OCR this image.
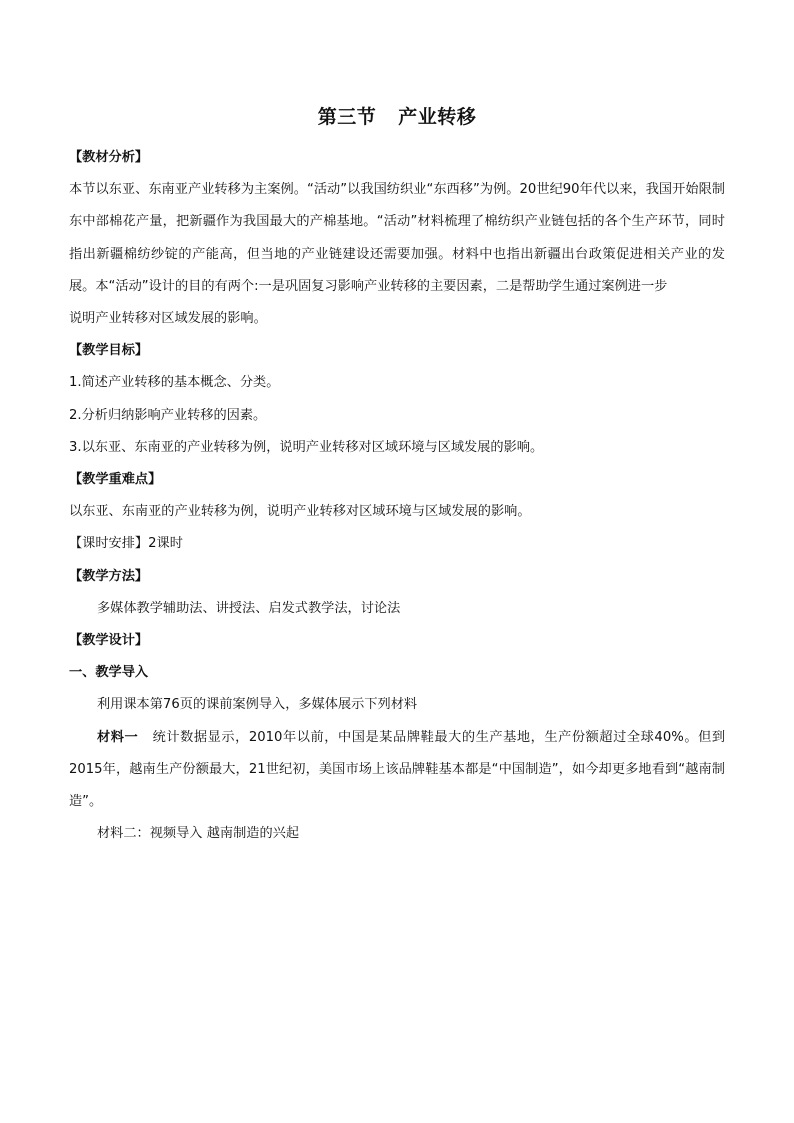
第三节 产业转移

【教材分析】

本节以东亚、东南亚产业转移为主案例。“活动”以我国纺织业“东西移”为例。20世纪90年代以来，我国开始限制东中部棉花产量，把新疆作为我国最大的产棉基地。“活动”材料梳理了棉纺织产业链包括的各个生产环节，同时指出新疆棉纺纱锭的产能高，但当地的产业链建设还需要加强。材料中也指出新疆出台政策促进相关产业的发展。本“活动”设计的目的有两个:一是巩固复习影响产业转移的主要因素，二是帮助学生通过案例进一步

说明产业转移对区域发展的影响。

【教学目标】

1.简述产业转移的基本概念、分类。

2.分析归纳影响产业转移的因素。

3.以东亚、东南亚的产业转移为例，说明产业转移对区域环境与区域发展的影响。

【教学重难点】

以东亚、东南亚的产业转移为例，说明产业转移对区域环境与区域发展的影响。

【课时安排】2课时

【教学方法】

多媒体教学辅助法、讲授法、启发式教学法，讨论法

【教学设计】

一、教学导入

利用课本第76页的课前案例导入，多媒体展示下列材料

材料一 统计数据显示，2010年以前，中国是某品牌鞋最大的生产基地，生产份额超过全球40%。但到2015年，越南生产份额最大，21世纪初，美国市场上该品牌鞋基本都是“中国制造”，如今却更多地看到“越南制造”。

材料二：视频导入 越南制造的兴起
